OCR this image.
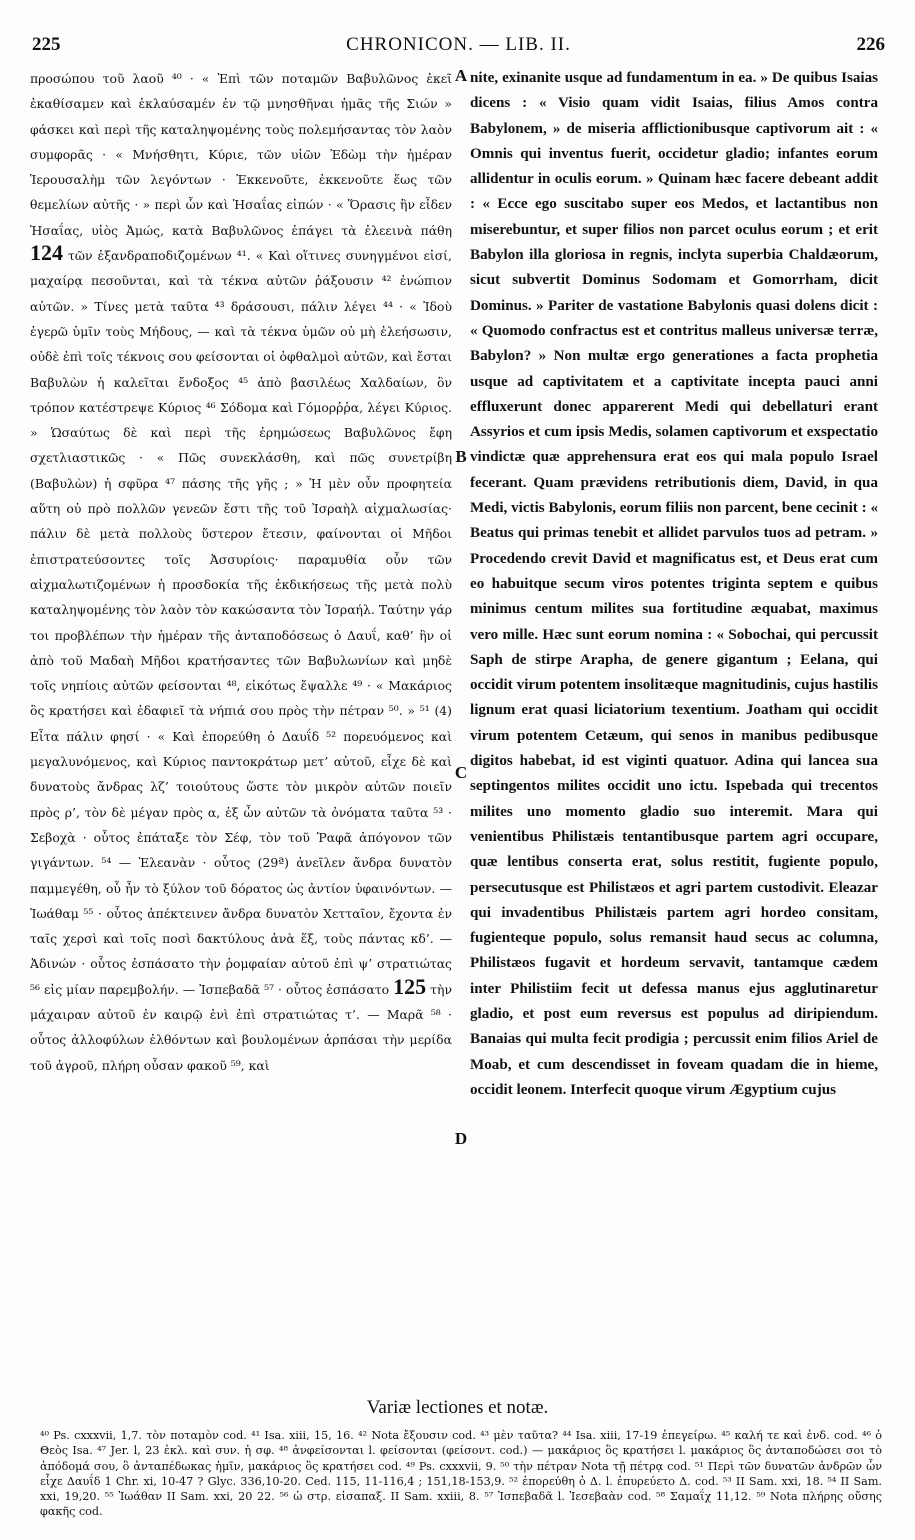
225	CHRONICON. — LIB. II.	226

προσώπου τοῦ λαοῦ ⁴⁰ · « Ἐπὶ τῶν ποταμῶν Βαβυλῶνος ἐκεῖ ἐκαθίσαμεν καὶ ἐκλαύσαμέν ἐν τῷ μνησθῆναι ἡμᾶς τῆς Σιών » φάσκει καὶ περὶ τῆς καταληψομένης τοὺς πολεμήσαντας τὸν λαὸν συμφορᾶς · « Μνήσθητι, Κύριε, τῶν υἱῶν Ἐδὼμ τὴν ἡμέραν Ἱερουσαλὴμ τῶν λεγόντων · Ἐκκενοῦτε, ἐκκενοῦτε ἕως τῶν θεμελίων αὐτῆς · » περὶ ὧν καὶ Ἡσαΐας εἰπών · « Ὅρασις ἣν εἶδεν Ἡσαΐας, υἱὸς Ἀμώς, κατὰ Βαβυλῶνος ἐπάγει τὰ ἐλεεινὰ πάθη 124 τῶν ἐξανδραποδιζομένων ⁴¹. « Καὶ οἵτινες συνηγμένοι εἰσί, μαχαίρᾳ πεσοῦνται, καὶ τὰ τέκνα αὐτῶν ῥάξουσιν ⁴² ἐνώπιον αὐτῶν. » Τίνες μετὰ ταῦτα ⁴³ δράσουσι, πάλιν λέγει ⁴⁴ · « Ἰδοὺ ἐγερῶ ὑμῖν τοὺς Μήδους, — καὶ τὰ τέκνα ὑμῶν οὐ μὴ ἐλεήσωσιν, οὐδὲ ἐπὶ τοῖς τέκνοις σου φείσονται οἱ ὀφθαλμοὶ αὐτῶν, καὶ ἔσται Βαβυλὼν ἡ καλεῖται ἔνδοξος ⁴⁵ ἀπὸ βασιλέως Χαλδαίων, ὃν τρόπον κατέστρεψε Κύριος ⁴⁶ Σόδομα καὶ Γόμορῤῥα, λέγει Κύριος. » Ὡσαύτως δὲ καὶ περὶ τῆς ἐρημώσεως Βαβυλῶνος ἔφη σχετλιαστικῶς · « Πῶς συνεκλάσθη, καὶ πῶς συνετρίβη (Βαβυλὼν) ἡ σφῦρα ⁴⁷ πάσης τῆς γῆς ; » Ἡ μὲν οὖν προφητεία αὕτη οὐ πρὸ πολλῶν γενεῶν ἔστι τῆς τοῦ Ἰσραὴλ αἰχμαλωσίας· πάλιν δὲ μετὰ πολλοὺς ὕστερον ἔτεσιν, φαίνονται οἱ Μῆδοι ἐπιστρατεύσοντες τοῖς Ἀσσυρίοις· παραμυθία οὖν τῶν αἰχμαλωτιζομένων ἡ προσδοκία τῆς ἐκδικήσεως τῆς μετὰ πολὺ καταληψομένης τὸν λαὸν τὸν κακώσαντα τὸν Ἰσραήλ. Ταύτην γάρ τοι προβλέπων τὴν ἡμέραν τῆς ἀνταποδόσεως ὁ Δαυΐ, καθ’ ἣν οἱ ἀπὸ τοῦ Μαδαὴ Μῆδοι κρατήσαντες τῶν Βαβυλωνίων καὶ μηδὲ τοῖς νηπίοις αὐτῶν φείσονται ⁴⁸, εἰκότως ἔψαλλε ⁴⁹ · « Μακάριος ὃς κρατήσει καὶ ἐδαφιεῖ τὰ νήπιά σου πρὸς τὴν πέτραν ⁵⁰. » ⁵¹ (4) Εἶτα πάλιν φησί · « Καὶ ἐπορεύθη ὁ Δαυΐδ ⁵² πορευόμενος καὶ μεγαλυνόμενος, καὶ Κύριος παντοκράτωρ μετ’ αὐτοῦ, εἶχε δὲ καὶ δυνατοὺς ἄνδρας λζ’ τοιούτους ὥστε τὸν μικρὸν αὐτῶν ποιεῖν πρὸς ρ’, τὸν δὲ μέγαν πρὸς α, ἐξ ὧν αὐτῶν τὰ ὀνόματα ταῦτα ⁵³ · Σεβοχὰ · οὗτος ἐπάταξε τὸν Σέφ, τὸν τοῦ Ῥαφᾶ ἀπόγονον τῶν γιγάντων. ⁵⁴ — Ἐλεανὰν · οὗτος (29ª) ἀνεῖλεν ἄνδρα δυνατὸν παμμεγέθη, οὗ ἦν τὸ ξύλον τοῦ δόρατος ὡς ἀντίον ὑφαινόντων. — Ἰωάθαμ ⁵⁵ · οὗτος ἀπέκτεινεν ἄνδρα δυνατὸν Χετταῖον, ἔχοντα ἐν ταῖς χερσὶ καὶ τοῖς ποσὶ δακτύλους ἀνὰ ἕξ, τοὺς πάντας κδ’. — Ἀδινών · οὗτος ἐσπάσατο τὴν ῥομφαίαν αὐτοῦ ἐπὶ ψ’ στρατιώτας ⁵⁶ εἰς μίαν παρεμβολήν. — Ἰσπεβαδᾶ ⁵⁷ · οὗτος ἐσπάσατο 125 τὴν μάχαιραν αὐτοῦ ἐν καιρῷ ἑνὶ ἐπὶ στρατιώτας τ’. — Μαρᾶ ⁵⁸ · οὗτος ἀλλοφύλων ἐλθόντων καὶ βουλομένων ἁρπάσαι τὴν μερίδα τοῦ ἀγροῦ, πλήρη οὖσαν φακοῦ ⁵⁹, καὶ

A
B
C
D

nite, exinanite usque ad fundamentum in ea. » De quibus Isaias dicens : « Visio quam vidit Isaias, filius Amos contra Babylonem, » de miseria afflictionibusque captivorum ait : « Omnis qui inventus fuerit, occidetur gladio; infantes eorum allidentur in oculis eorum. » Quinam hæc facere debeant addit : « Ecce ego suscitabo super eos Medos, et lactantibus non miserebuntur, et super filios non parcet oculus eorum ; et erit Babylon illa gloriosa in regnis, inclyta superbia Chaldæorum, sicut subvertit Dominus Sodomam et Gomorrham, dicit Dominus. » Pariter de vastatione Babylonis quasi dolens dicit : « Quomodo confractus est et contritus malleus universæ terræ, Babylon? » Non multæ ergo generationes a facta prophetia usque ad captivitatem et a captivitate incepta pauci anni effluxerunt donec apparerent Medi qui debellaturi erant Assyrios et cum ipsis Medis, solamen captivorum et exspectatio vindictæ quæ apprehensura erat eos qui mala populo Israel fecerant. Quam prævidens retributionis diem, David, in qua Medi, victis Babylonis, eorum filiis non parcent, bene cecinit : « Beatus qui primas tenebit et allidet parvulos tuos ad petram. » Procedendo crevit David et magnificatus est, et Deus erat cum eo habuitque secum viros potentes triginta septem e quibus minimus centum milites sua fortitudine æquabat, maximus vero mille. Hæc sunt eorum nomina : « Sobochai, qui percussit Saph de stirpe Arapha, de genere gigantum ; Eelana, qui occidit virum potentem insolitæque magnitudinis, cujus hastilis lignum erat quasi liciatorium texentium. Joatham qui occidit virum potentem Cetæum, qui senos in manibus pedibusque digitos habebat, id est viginti quatuor. Adina qui lancea sua septingentos milites occidit uno ictu. Ispebada qui trecentos milites uno momento gladio suo interemit. Mara qui venientibus Philistæis tentantibusque partem agri occupare, quæ lentibus conserta erat, solus restitit, fugiente populo, persecutusque est Philistæos et agri partem custodivit. Eleazar qui invadentibus Philistæis partem agri hordeo consitam, fugienteque populo, solus remansit haud secus ac columna, Philistæos fugavit et hordeum servavit, tantamque cædem inter Philistiim fecit ut defessa manus ejus agglutinaretur gladio, et post eum reversus est populus ad diripiendum. Banaias qui multa fecit prodigia ; percussit enim filios Ariel de Moab, et cum descendisset in foveam quadam die in hieme, occidit leonem. Interfecit quoque virum Ægyptium cujus

Variæ lectiones et notæ.

⁴⁰ Ps. cxxxvii, 1,7. τὸν ποταμὸν cod. ⁴¹ Isa. xiii, 15, 16. ⁴² Nota ἔξουσιν cod. ⁴³ μὲν ταῦτα? ⁴⁴ Isa. xiii, 17-19 ἐπεγείρω. ⁴⁵ καλή τε καὶ ἐνδ. cod. ⁴⁶ ὁ Θεὸς Isa. ⁴⁷ Jer. l, 23 ἐκλ. καὶ συν. ἡ σφ. ⁴⁸ ἀνφείσονται l. φείσονται (φείσοντ. cod.) — μακάριος ὃς κρατήσει l. μακάριος ὃς ἀνταποδώσει σοι τὸ ἀπόδομά σου, ὃ ἀνταπέδωκας ἡμῖν, μακάριος ὃς κρατήσει cod. ⁴⁹ Ps. cxxxvii, 9. ⁵⁰ τὴν πέτραν Nota τῇ πέτρᾳ cod. ⁵¹ Περὶ τῶν δυνατῶν ἀνδρῶν ὧν εἶχε Δαυΐδ 1 Chr. xi, 10-47 ? Glyc. 336,10-20. Ced. 115, 11-116,4 ; 151,18-153,9. ⁵² ἐπορεύθη ὁ Δ. l. ἐπυρεύετο Δ. cod. ⁵³ II Sam. xxi, 18. ⁵⁴ II Sam. xxi, 19,20. ⁵⁵ Ἰωάθαν II Sam. xxi, 20 22. ⁵⁶ ὡ στρ. εἰσαπαξ. II Sam. xxiii, 8. ⁵⁷ Ἰσπεβαδᾶ l. Ἰεσεβαὰν cod. ⁵⁸ Σαμαΐχ 11,12. ⁵⁹ Nota πλήρης οὔσης φακῆς cod.
